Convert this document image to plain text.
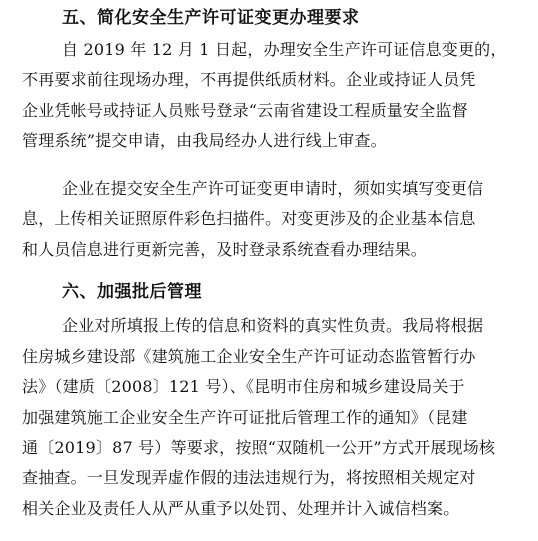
五、简化安全生产许可证变更办理要求

自 2019 年 12 月 1 日起，办理安全生产许可证信息变更的，

不再要求前往现场办理，不再提供纸质材料。企业或持证人员凭

企业凭帐号或持证人员账号登录“云南省建设工程质量安全监督

管理系统”提交申请，由我局经办人进行线上审查。

企业在提交安全生产许可证变更申请时，须如实填写变更信

息，上传相关证照原件彩色扫描件。对变更涉及的企业基本信息

和人员信息进行更新完善，及时登录系统查看办理结果。

六、加强批后管理

企业对所填报上传的信息和资料的真实性负责。我局将根据

住房城乡建设部《建筑施工企业安全生产许可证动态监管暂行办

法》（建质〔2008〕121 号）、《昆明市住房和城乡建设局关于

加强建筑施工企业安全生产许可证批后管理工作的通知》（昆建

通〔2019〕87 号）等要求，按照“双随机一公开”方式开展现场核

查抽查。一旦发现弄虚作假的违法违规行为，将按照相关规定对

相关企业及责任人从严从重予以处罚、处理并计入诚信档案。
